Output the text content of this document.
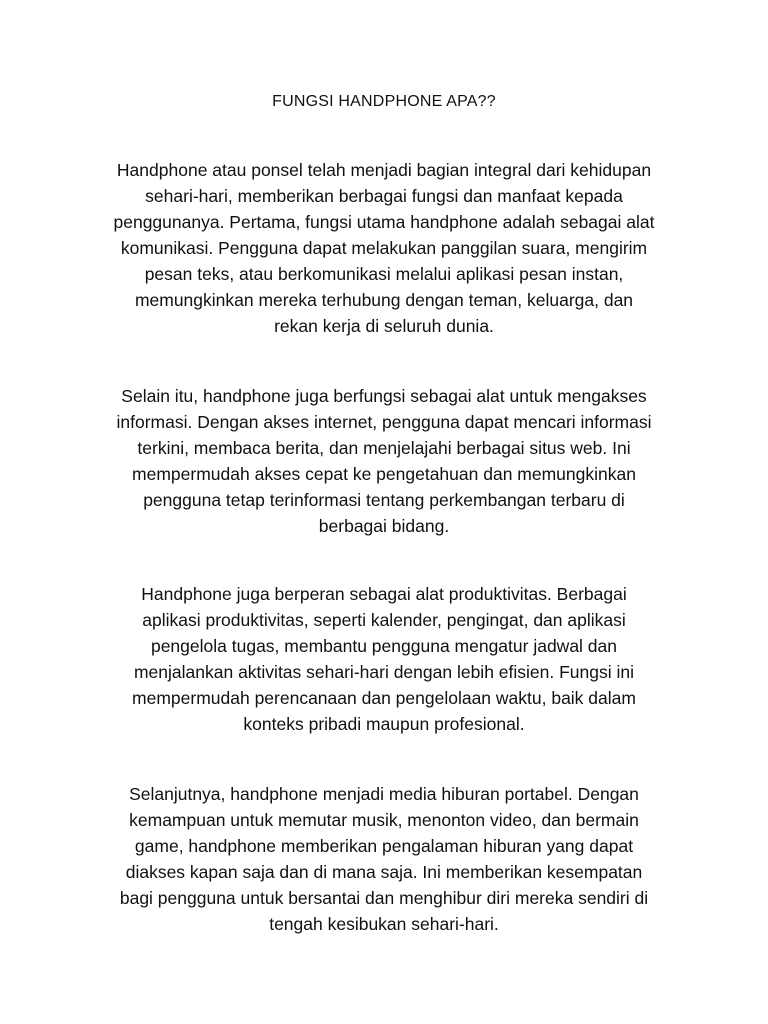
FUNGSI HANDPHONE APA??

Handphone atau ponsel telah menjadi bagian integral dari kehidupan
sehari-hari, memberikan berbagai fungsi dan manfaat kepada
penggunanya. Pertama, fungsi utama handphone adalah sebagai alat
komunikasi. Pengguna dapat melakukan panggilan suara, mengirim
pesan teks, atau berkomunikasi melalui aplikasi pesan instan,
memungkinkan mereka terhubung dengan teman, keluarga, dan
rekan kerja di seluruh dunia.

Selain itu, handphone juga berfungsi sebagai alat untuk mengakses
informasi. Dengan akses internet, pengguna dapat mencari informasi
terkini, membaca berita, dan menjelajahi berbagai situs web. Ini
mempermudah akses cepat ke pengetahuan dan memungkinkan
pengguna tetap terinformasi tentang perkembangan terbaru di
berbagai bidang.

Handphone juga berperan sebagai alat produktivitas. Berbagai
aplikasi produktivitas, seperti kalender, pengingat, dan aplikasi
pengelola tugas, membantu pengguna mengatur jadwal dan
menjalankan aktivitas sehari-hari dengan lebih efisien. Fungsi ini
mempermudah perencanaan dan pengelolaan waktu, baik dalam
konteks pribadi maupun profesional.

Selanjutnya, handphone menjadi media hiburan portabel. Dengan
kemampuan untuk memutar musik, menonton video, dan bermain
game, handphone memberikan pengalaman hiburan yang dapat
diakses kapan saja dan di mana saja. Ini memberikan kesempatan
bagi pengguna untuk bersantai dan menghibur diri mereka sendiri di
tengah kesibukan sehari-hari.
